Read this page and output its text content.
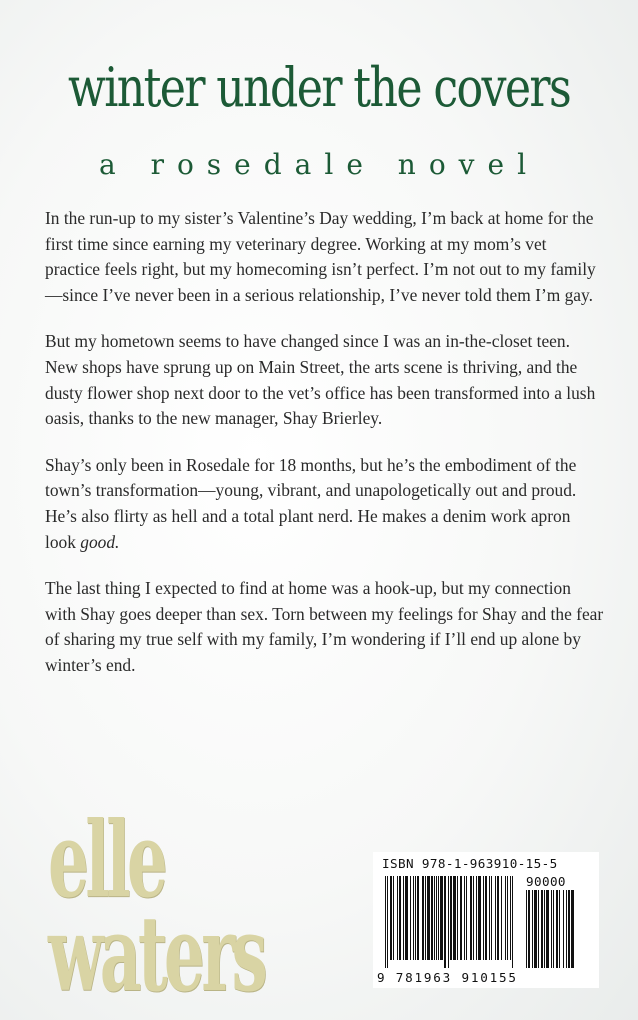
winter under the covers
a rosedale novel

In the run-up to my sister’s Valentine’s Day wedding, I’m back at home for the first time since earning my veterinary degree. Working at my mom’s vet practice feels right, but my homecoming isn’t perfect. I’m not out to my family—since I’ve never been in a serious relationship, I’ve never told them I’m gay.

But my hometown seems to have changed since I was an in-the-closet teen. New shops have sprung up on Main Street, the arts scene is thriving, and the dusty flower shop next door to the vet’s office has been transformed into a lush oasis, thanks to the new manager, Shay Brierley.

Shay’s only been in Rosedale for 18 months, but he’s the embodiment of the town’s transformation—young, vibrant, and unapologetically out and proud. He’s also flirty as hell and a total plant nerd. He makes a denim work apron look good.

The last thing I expected to find at home was a hook-up, but my connection with Shay goes deeper than sex. Torn between my feelings for Shay and the fear of sharing my true self with my family, I’m wondering if I’ll end up alone by winter’s end.

elle
waters
ISBN 978-1-963910-15-5
90000
9 781963 910155
